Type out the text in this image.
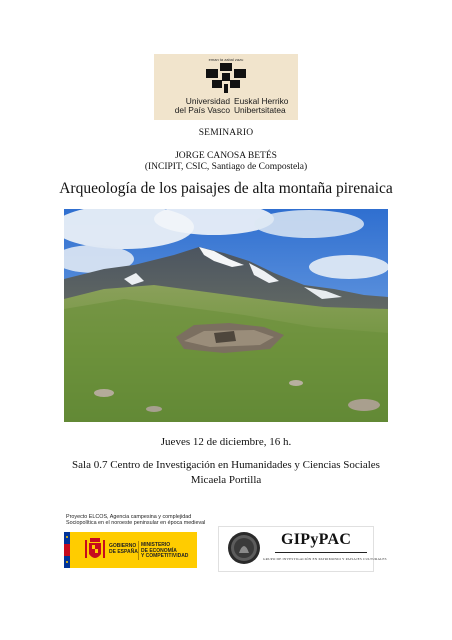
eman ta zabal zazu
Universidad
del País Vasco
Euskal Herriko
Unibertsitatea
SEMINARIO
JORGE CANOSA BETÉS
(INCIPIT, CSIC, Santiago de Compostela)
Arqueología de los paisajes de alta montaña pirenaica
Jueves 12 de diciembre, 16 h.
Sala 0.7 Centro de Investigación en Humanidades y Ciencias Sociales
Micaela Portilla
Proyecto ELCOS, Agencia campesina y complejidad
Sociopolítica en el noroeste peninsular en época medieval
GOBIERNO
DE ESPAÑA
MINISTERIO
DE ECONOMÍA
Y COMPETITIVIDAD
GIPyPAC
GRUPO DE INVESTIGACIÓN EN PATRIMONIO Y PAISAJES CULTURALES
